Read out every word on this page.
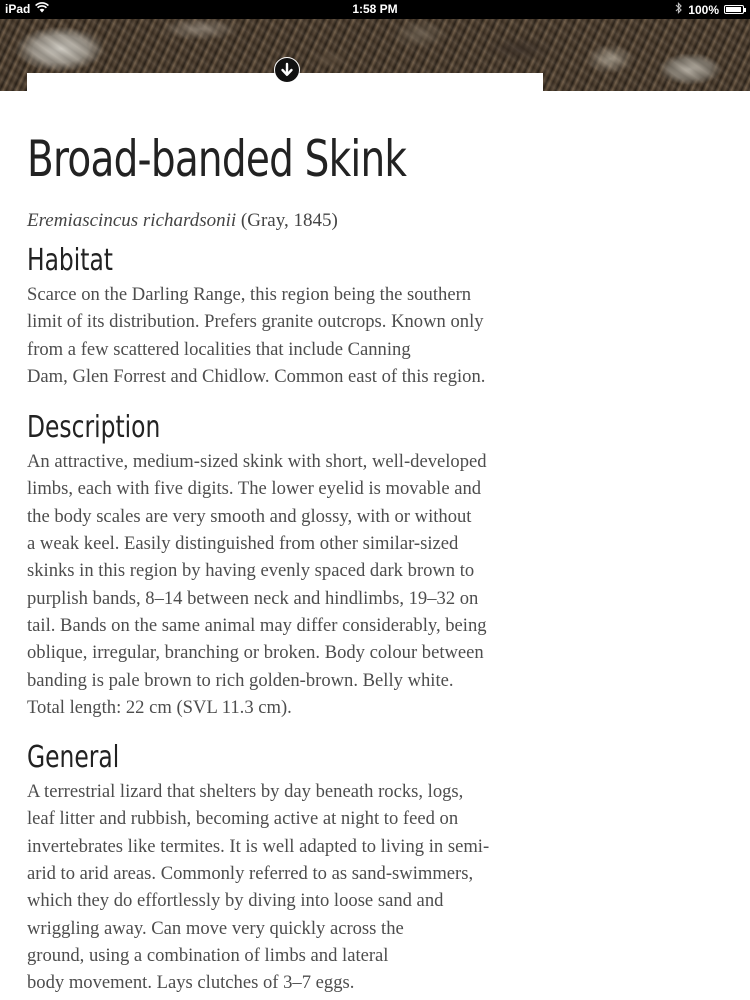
iPad	1:58 PM	100%
Broad-banded Skink

Eremiascincus richardsonii (Gray, 1845)

Habitat

Scarce on the Darling Range, this region being the southern
limit of its distribution. Prefers granite outcrops. Known only
from a few scattered localities that include Canning
Dam, Glen Forrest and Chidlow. Common east of this region.

Description

An attractive, medium-sized skink with short, well-developed
limbs, each with five digits. The lower eyelid is movable and
the body scales are very smooth and glossy, with or without
a weak keel. Easily distinguished from other similar-sized
skinks in this region by having evenly spaced dark brown to
purplish bands, 8–14 between neck and hindlimbs, 19–32 on
tail. Bands on the same animal may differ considerably, being
oblique, irregular, branching or broken. Body colour between
banding is pale brown to rich golden-brown. Belly white.
Total length: 22 cm (SVL 11.3 cm).

General

A terrestrial lizard that shelters by day beneath rocks, logs,
leaf litter and rubbish, becoming active at night to feed on
invertebrates like termites. It is well adapted to living in semi-
arid to arid areas. Commonly referred to as sand-swimmers,
which they do effortlessly by diving into loose sand and
wriggling away. Can move very quickly across the
ground, using a combination of limbs and lateral
body movement. Lays clutches of 3–7 eggs.
